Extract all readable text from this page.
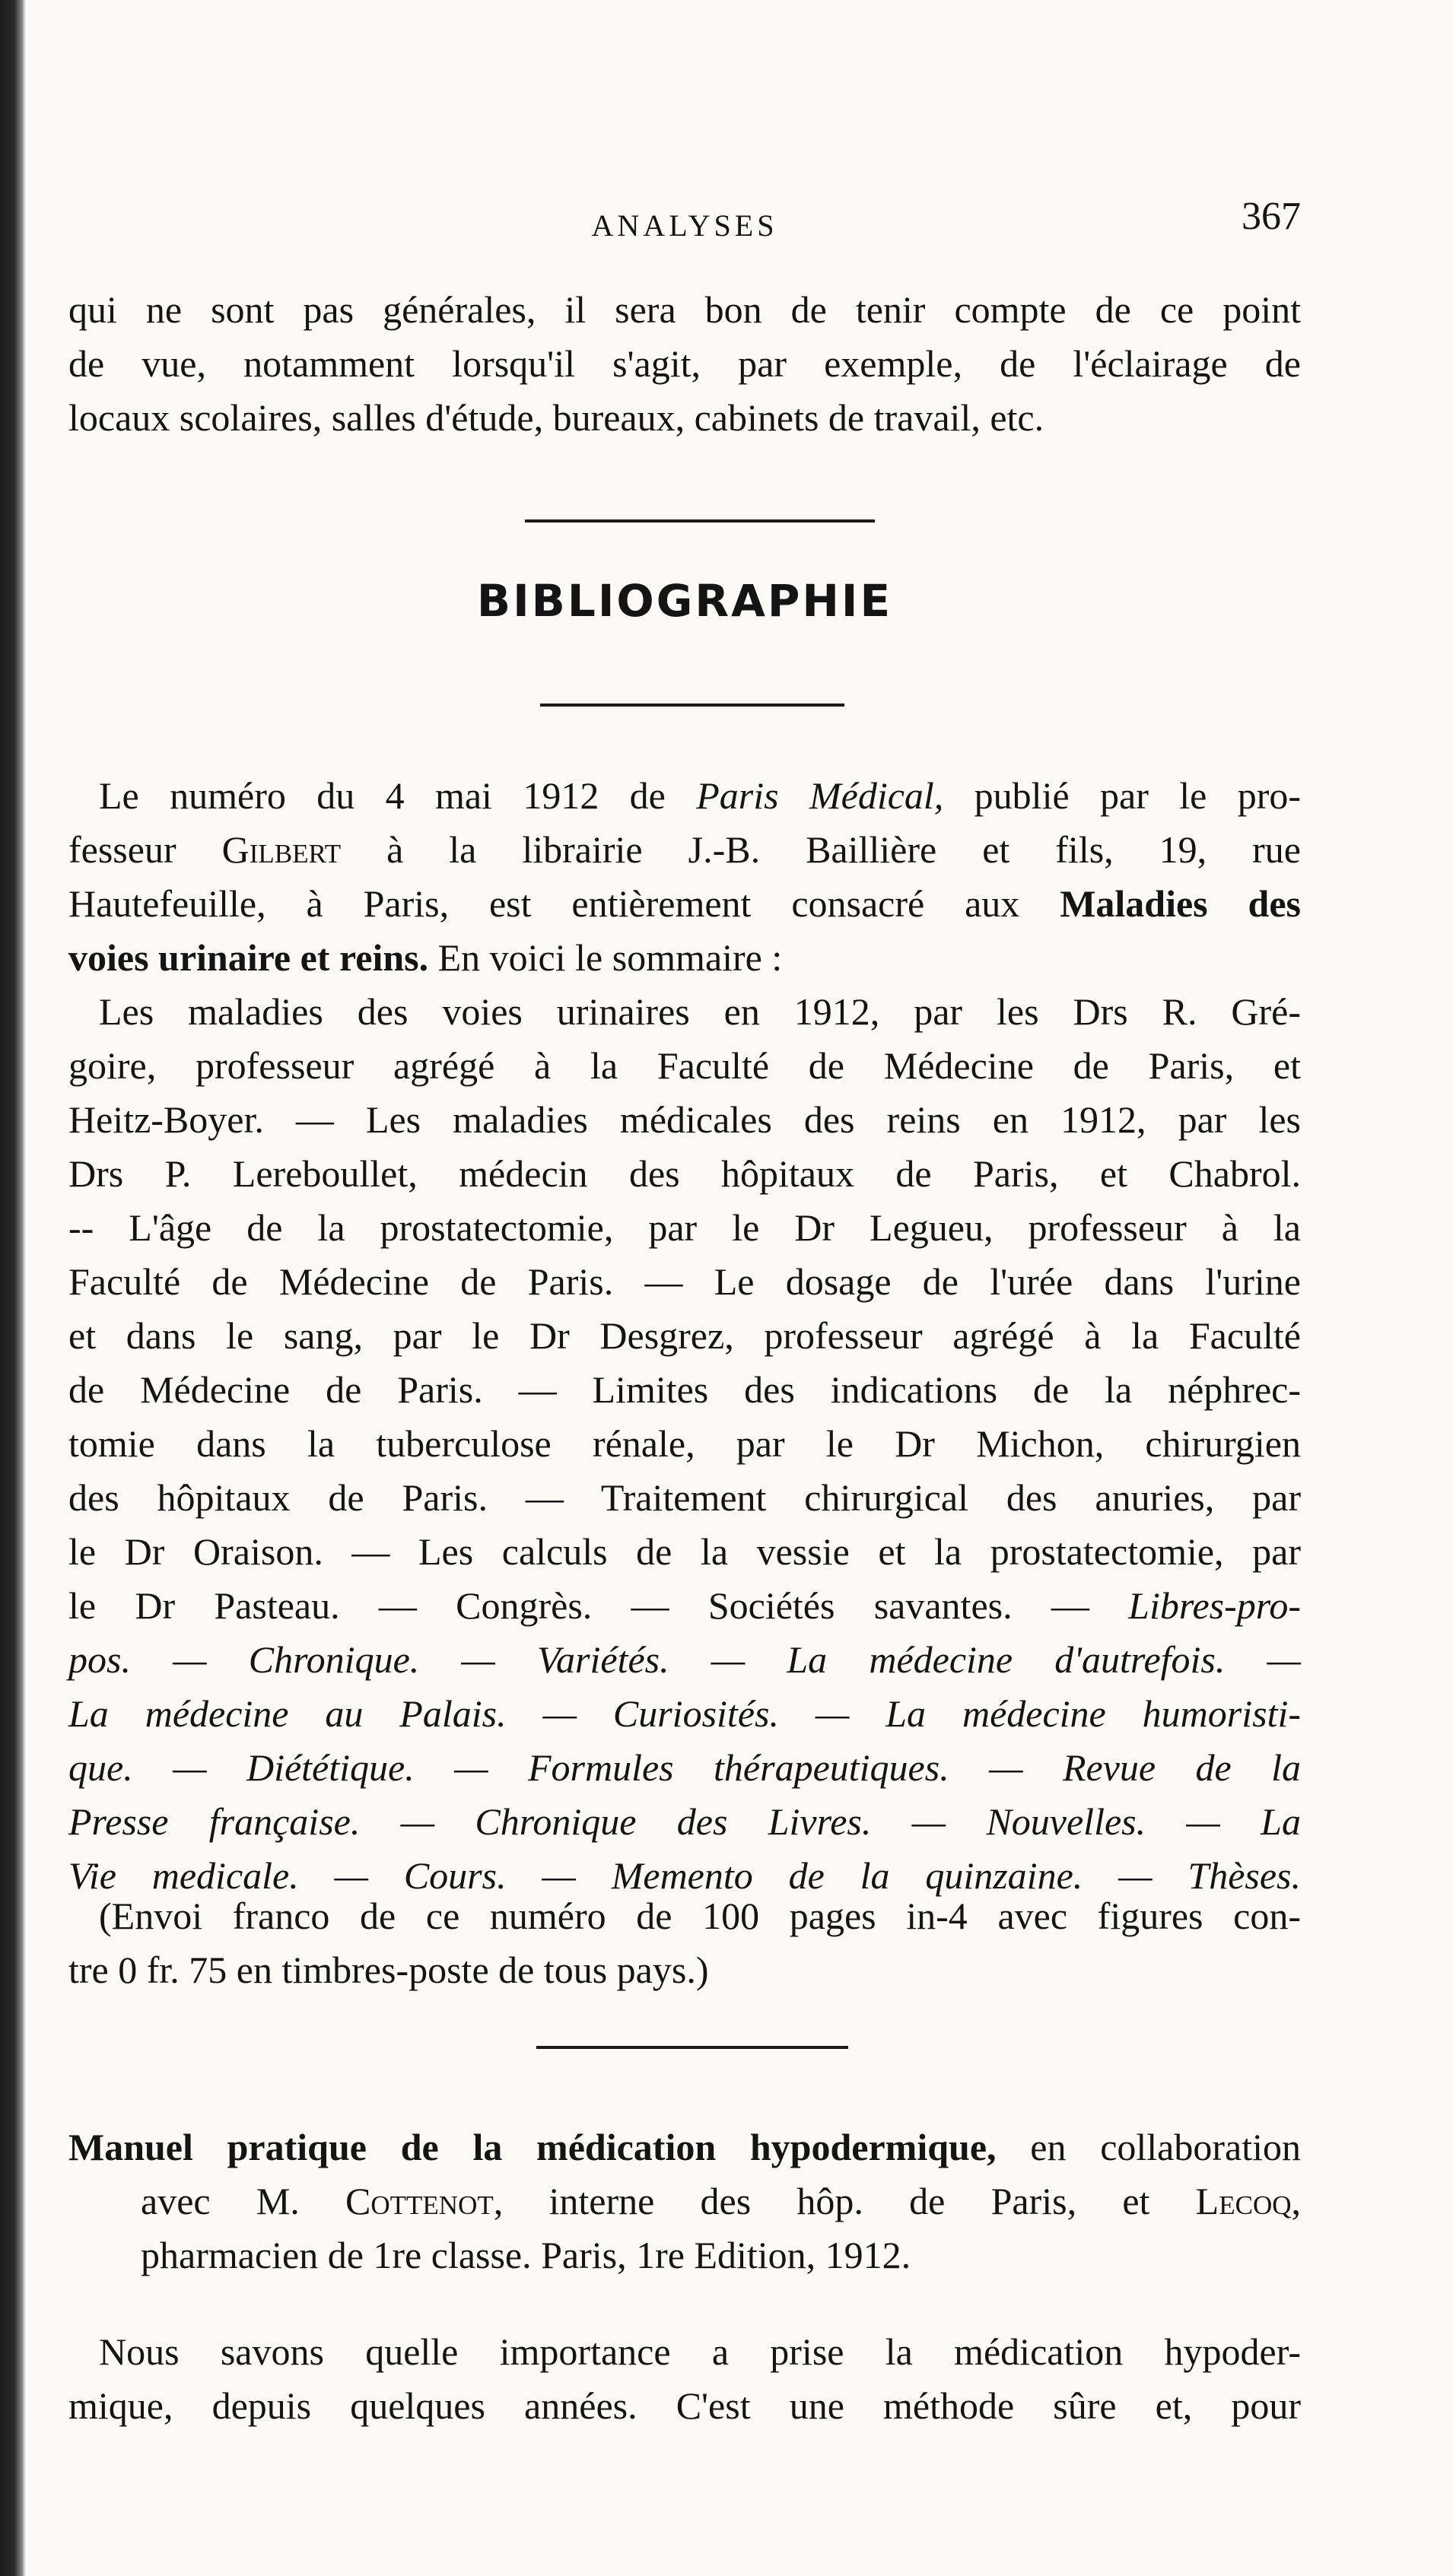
ANALYSES	367
qui ne sont pas générales, il sera bon de tenir compte de ce point
de vue, notamment lorsqu'il s'agit, par exemple, de l'éclairage de
locaux scolaires, salles d'étude, bureaux, cabinets de travail, etc.
BIBLIOGRAPHIE
Le numéro du 4 mai 1912 de Paris Médical, publié par le pro-
fesseur Gilbert à la librairie J.-B. Baillière et fils, 19, rue
Hautefeuille, à Paris, est entièrement consacré aux Maladies des
voies urinaire et reins. En voici le sommaire :
Les maladies des voies urinaires en 1912, par les Drs R. Gré-
goire, professeur agrégé à la Faculté de Médecine de Paris, et
Heitz-Boyer. — Les maladies médicales des reins en 1912, par les
Drs P. Lereboullet, médecin des hôpitaux de Paris, et Chabrol.
-- L'âge de la prostatectomie, par le Dr Legueu, professeur à la
Faculté de Médecine de Paris. — Le dosage de l'urée dans l'urine
et dans le sang, par le Dr Desgrez, professeur agrégé à la Faculté
de Médecine de Paris. — Limites des indications de la néphrec-
tomie dans la tuberculose rénale, par le Dr Michon, chirurgien
des hôpitaux de Paris. — Traitement chirurgical des anuries, par
le Dr Oraison. — Les calculs de la vessie et la prostatectomie, par
le Dr Pasteau. — Congrès. — Sociétés savantes. — Libres-pro-
pos. — Chronique. — Variétés. — La médecine d'autrefois. —
La médecine au Palais. — Curiosités. — La médecine humoristi-
que. — Diététique. — Formules thérapeutiques. — Revue de la
Presse française. — Chronique des Livres. — Nouvelles. — La
Vie medicale. — Cours. — Memento de la quinzaine. — Thèses.
(Envoi franco de ce numéro de 100 pages in-4 avec figures con-
tre 0 fr. 75 en timbres-poste de tous pays.)
Manuel pratique de la médication hypodermique, en collaboration
avec M. Cottenot, interne des hôp. de Paris, et Lecoq,
pharmacien de 1re classe. Paris, 1re Edition, 1912.
Nous savons quelle importance a prise la médication hypoder-
mique, depuis quelques années. C'est une méthode sûre et, pour
